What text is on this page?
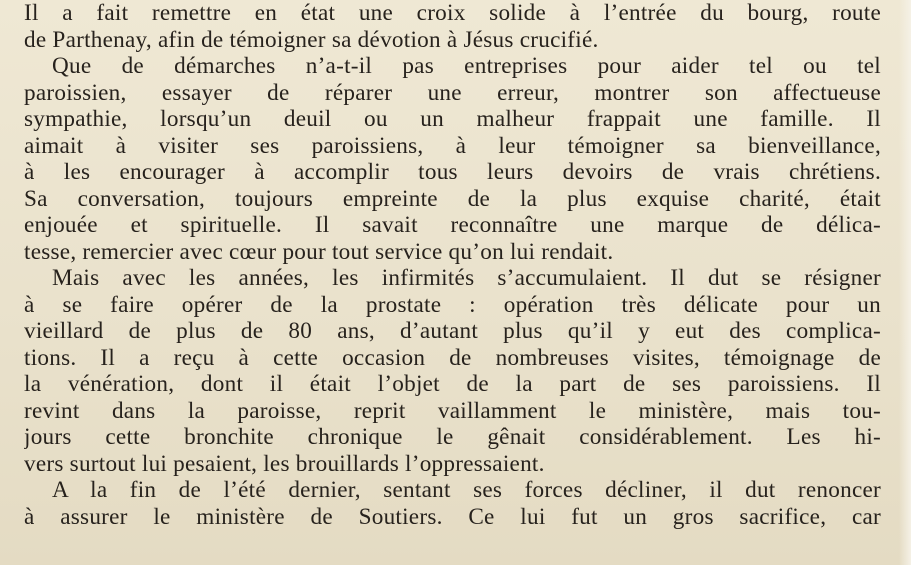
Il a fait remettre en état une croix solide à l’entrée du bourg, route
de Parthenay, afin de témoigner sa dévotion à Jésus crucifié.
Que de démarches n’a-t-il pas entreprises pour aider tel ou tel
paroissien, essayer de réparer une erreur, montrer son affectueuse
sympathie, lorsqu’un deuil ou un malheur frappait une famille. Il
aimait à visiter ses paroissiens, à leur témoigner sa bienveillance,
à les encourager à accomplir tous leurs devoirs de vrais chrétiens.
Sa conversation, toujours empreinte de la plus exquise charité, était
enjouée et spirituelle. Il savait reconnaître une marque de délica-
tesse, remercier avec cœur pour tout service qu’on lui rendait.
Mais avec les années, les infirmités s’accumulaient. Il dut se résigner
à se faire opérer de la prostate : opération très délicate pour un
vieillard de plus de 80 ans, d’autant plus qu’il y eut des complica-
tions. Il a reçu à cette occasion de nombreuses visites, témoignage de
la vénération, dont il était l’objet de la part de ses paroissiens. Il
revint dans la paroisse, reprit vaillamment le ministère, mais tou-
jours cette bronchite chronique le gênait considérablement. Les hi-
vers surtout lui pesaient, les brouillards l’oppressaient.
A la fin de l’été dernier, sentant ses forces décliner, il dut renoncer
à assurer le ministère de Soutiers. Ce lui fut un gros sacrifice, car
